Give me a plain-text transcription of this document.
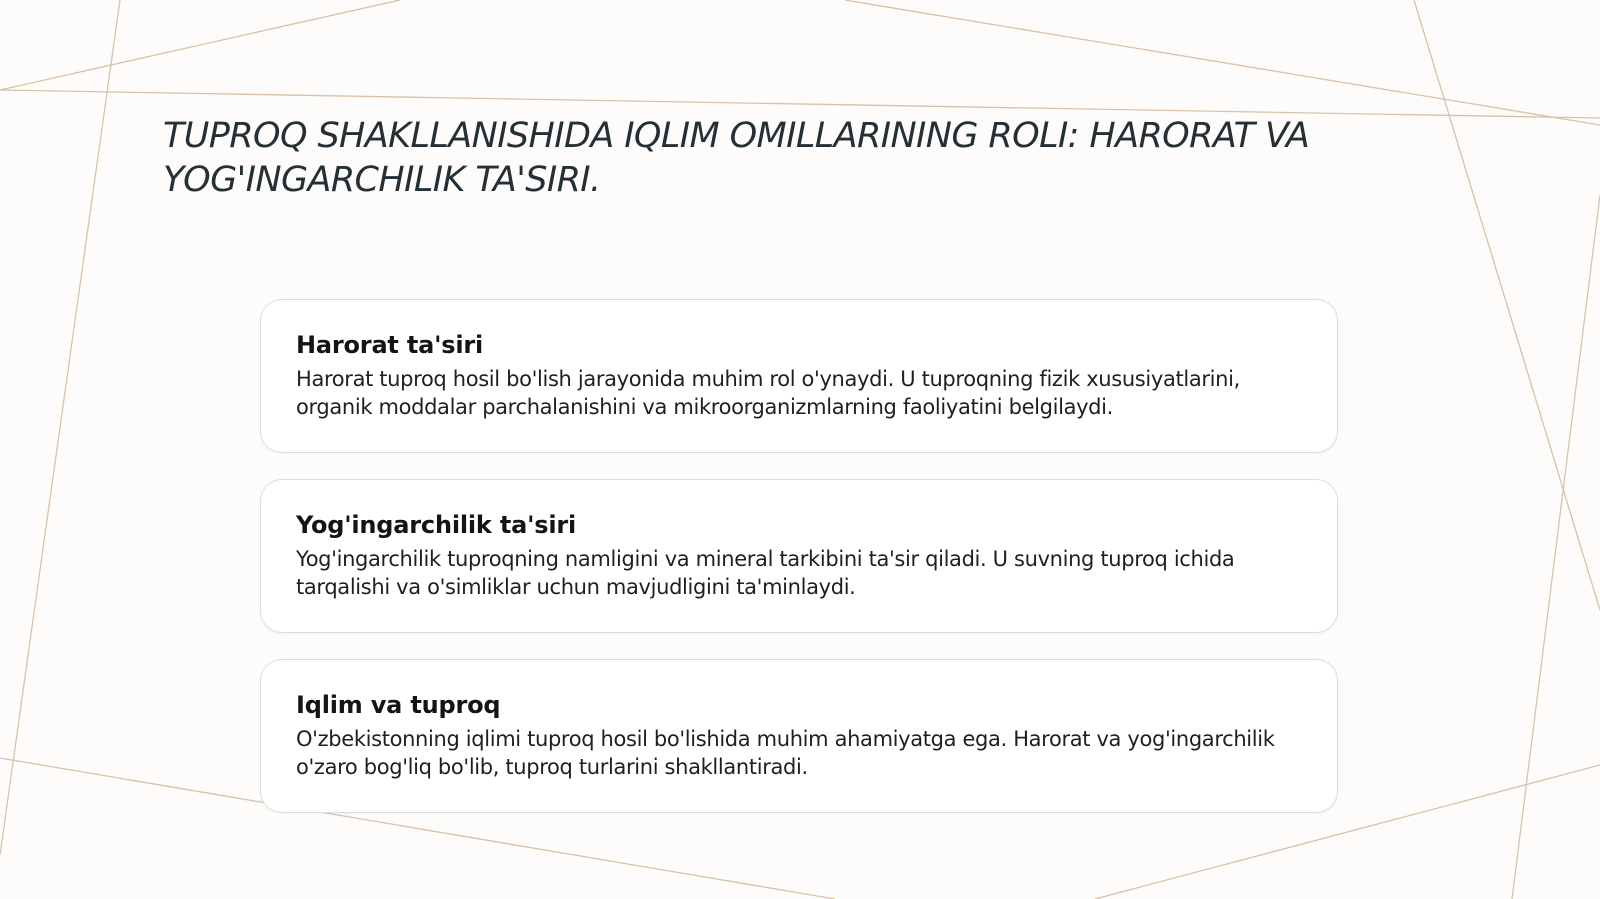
TUPROQ SHAKLLANISHIDA IQLIM OMILLARINING ROLI: HARORAT VA YOG'INGARCHILIK TA'SIRI.
Harorat ta'siri

Harorat tuproq hosil bo'lish jarayonida muhim rol o'ynaydi. U tuproqning fizik xususiyatlarini, organik moddalar parchalanishini va mikroorganizmlarning faoliyatini belgilaydi.

Yog'ingarchilik ta'siri

Yog'ingarchilik tuproqning namligini va mineral tarkibini ta'sir qiladi. U suvning tuproq ichida tarqalishi va o'simliklar uchun mavjudligini ta'minlaydi.

Iqlim va tuproq

O'zbekistonning iqlimi tuproq hosil bo'lishida muhim ahamiyatga ega. Harorat va yog'ingarchilik o'zaro bog'liq bo'lib, tuproq turlarini shakllantiradi.
